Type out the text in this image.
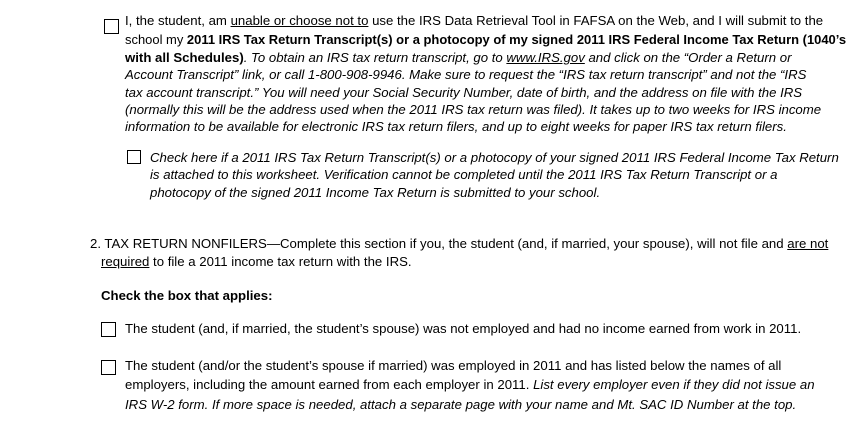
I, the student, am unable or choose not to use the IRS Data Retrieval Tool in FAFSA on the Web, and I will submit to the
school my 2011 IRS Tax Return Transcript(s) or a photocopy of my signed 2011 IRS Federal Income Tax Return (1040’s
with all Schedules). To obtain an IRS tax return transcript, go to www.IRS.gov and click on the “Order a Return or
Account Transcript” link, or call 1-800-908-9946. Make sure to request the “IRS tax return transcript” and not the “IRS
tax account transcript.” You will need your Social Security Number, date of birth, and the address on file with the IRS
(normally this will be the address used when the 2011 IRS tax return was filed). It takes up to two weeks for IRS income
information to be available for electronic IRS tax return filers, and up to eight weeks for paper IRS tax return filers.
Check here if a 2011 IRS Tax Return Transcript(s) or a photocopy of your signed 2011 IRS Federal Income Tax Return
is attached to this worksheet. Verification cannot be completed until the 2011 IRS Tax Return Transcript or a
photocopy of the signed 2011 Income Tax Return is submitted to your school.
2. TAX RETURN NONFILERS—Complete this section if you, the student (and, if married, your spouse), will not file and are not
required to file a 2011 income tax return with the IRS.
Check the box that applies:
The student (and, if married, the student’s spouse) was not employed and had no income earned from work in 2011.
The student (and/or the student’s spouse if married) was employed in 2011 and has listed below the names of all
employers, including the amount earned from each employer in 2011. List every employer even if they did not issue an
IRS W-2 form. If more space is needed, attach a separate page with your name and Mt. SAC ID Number at the top.
